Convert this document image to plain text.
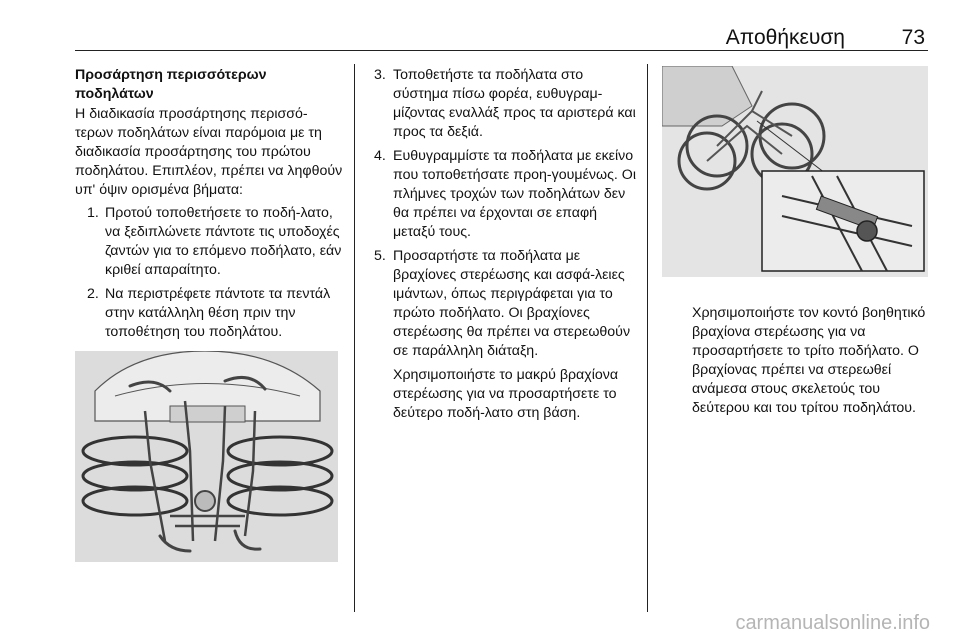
Αποθήκευση	73
Προσάρτηση περισσότερων
ποδηλάτων

Η διαδικασία προσάρτησης περισσό-τερων ποδηλάτων είναι παρόμοια με τη διαδικασία προσάρτησης του πρώτου ποδηλάτου. Επιπλέον, πρέπει να ληφθούν υπ' όψιν ορισμένα βήματα:

1. Προτού τοποθετήσετε το ποδή-λατο, να ξεδιπλώνετε πάντοτε τις υποδοχές ζαντών για το επόμενο ποδήλατο, εάν κριθεί απαραίτητο.
2. Να περιστρέφετε πάντοτε τα πεντάλ στην κατάλληλη θέση πριν την τοποθέτηση του ποδηλάτου.
3. Τοποθετήστε τα ποδήλατα στο σύστημα πίσω φορέα, ευθυγραμ-μίζοντας εναλλάξ προς τα αριστερά και προς τα δεξιά.
4. Ευθυγραμμίστε τα ποδήλατα με εκείνο που τοποθετήσατε προη-γουμένως. Οι πλήμνες τροχών των ποδηλάτων δεν θα πρέπει να έρχονται σε επαφή μεταξύ τους.
5. Προσαρτήστε τα ποδήλατα με βραχίονες στερέωσης και ασφά-λειες ιμάντων, όπως περιγράφεται για το πρώτο ποδήλατο. Οι βραχίονες στερέωσης θα πρέπει να στερεωθούν σε παράλληλη διάταξη.

Χρησιμοποιήστε το μακρύ βραχίονα στερέωσης για να προσαρτήσετε το δεύτερο ποδή-λατο στη βάση.

Χρησιμοποιήστε τον κοντό βοηθητικό βραχίονα στερέωσης για να προσαρτήσετε το τρίτο ποδήλατο. Ο βραχίονας πρέπει να στερεωθεί ανάμεσα στους σκελετούς του δεύτερου και του τρίτου ποδηλάτου.
carmanualsonline.info
